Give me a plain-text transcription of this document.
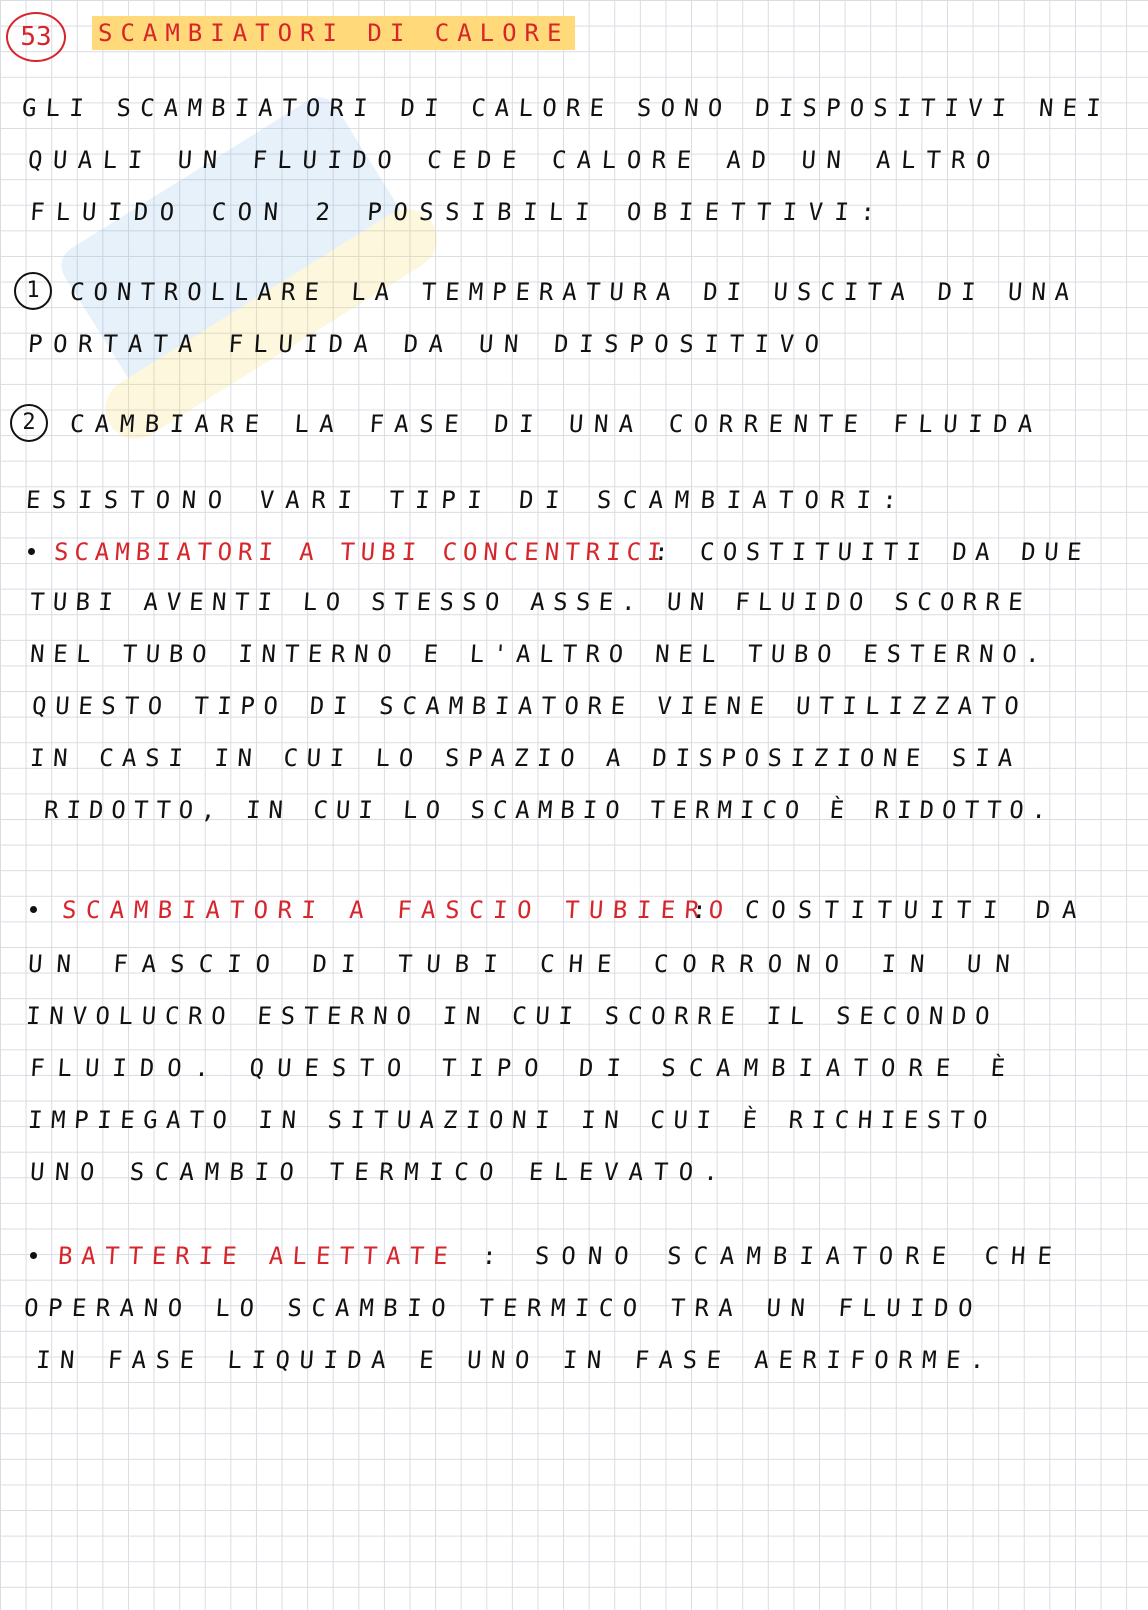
53	SCAMBIATORI DI CALORE
GLI SCAMBIATORI DI CALORE SONO DISPOSITIVI NEI
QUALI UN FLUIDO CEDE CALORE AD UN ALTRO
FLUIDO CON 2 POSSIBILI OBIETTIVI:
1	CONTROLLARE LA TEMPERATURA DI USCITA DI UNA
PORTATA FLUIDA DA UN DISPOSITIVO
2	CAMBIARE LA FASE DI UNA CORRENTE FLUIDA
ESISTONO VARI TIPI DI SCAMBIATORI:
SCAMBIATORI A TUBI CONCENTRICI
: COSTITUITI DA DUE
TUBI AVENTI LO STESSO ASSE. UN FLUIDO SCORRE
NEL TUBO INTERNO E L'ALTRO NEL TUBO ESTERNO.
QUESTO TIPO DI SCAMBIATORE VIENE UTILIZZATO
IN CASI IN CUI LO SPAZIO A DISPOSIZIONE SIA
RIDOTTO, IN CUI LO SCAMBIO TERMICO È RIDOTTO.
SCAMBIATORI A FASCIO TUBIERO
: COSTITUITI DA
UN FASCIO DI TUBI CHE CORRONO IN UN
INVOLUCRO ESTERNO IN CUI SCORRE IL SECONDO
FLUIDO. QUESTO TIPO DI SCAMBIATORE È
IMPIEGATO IN SITUAZIONI IN CUI È RICHIESTO
UNO SCAMBIO TERMICO ELEVATO.
BATTERIE ALETTATE : SONO SCAMBIATORE CHE
OPERANO LO SCAMBIO TERMICO TRA UN FLUIDO
IN FASE LIQUIDA E UNO IN FASE AERIFORME.
